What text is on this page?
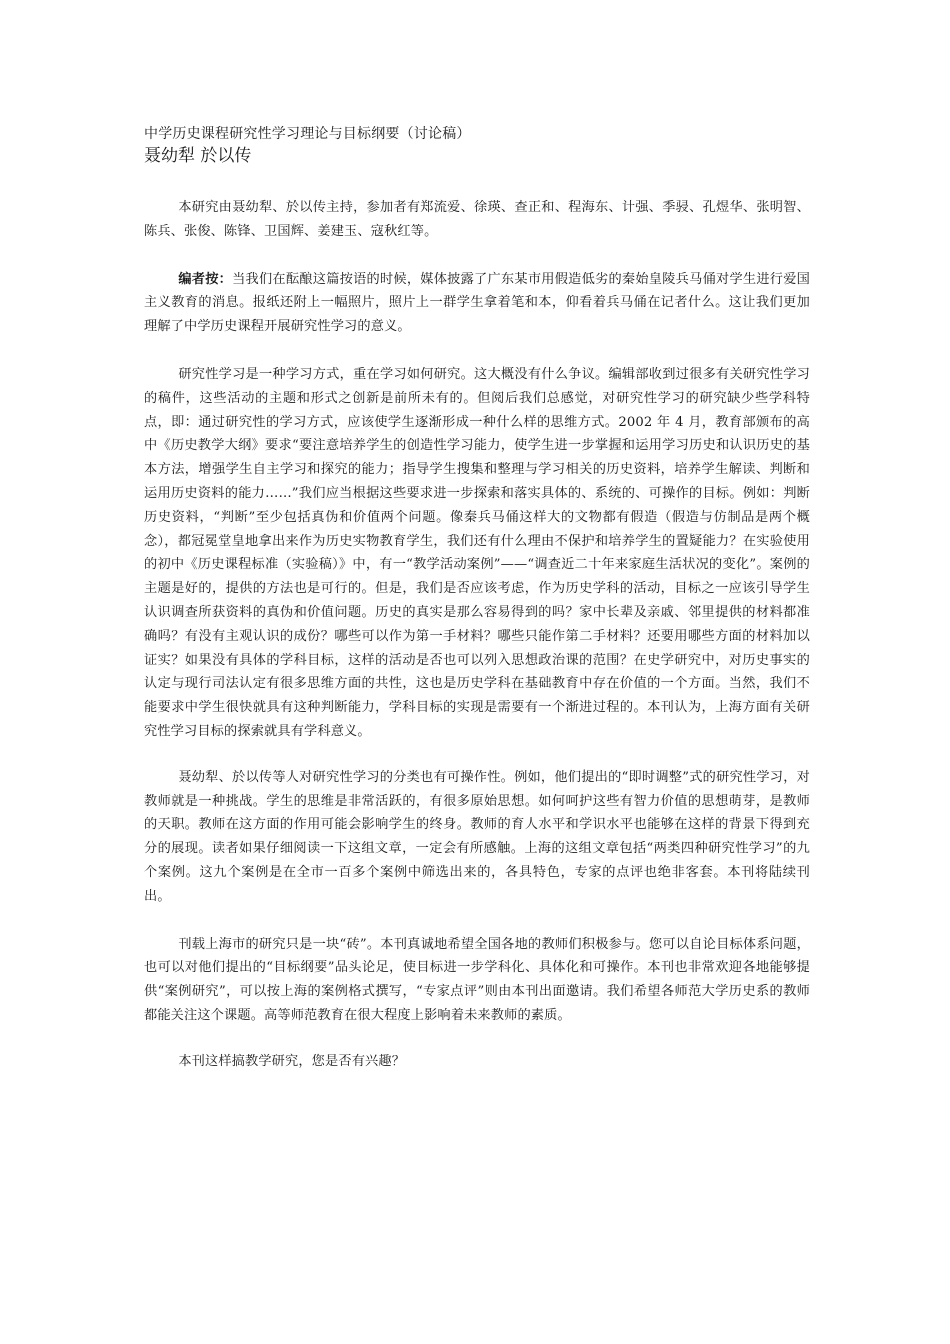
中学历史课程研究性学习理论与目标纲要（讨论稿）
聂幼犁 於以传

本研究由聂幼犁、於以传主持，参加者有郑流爱、徐瑛、查正和、程海东、计强、季骎、孔煜华、张明智、陈兵、张俊、陈锋、卫国辉、姜建玉、寇秋红等。

编者按：当我们在酝酿这篇按语的时候，媒体披露了广东某市用假造低劣的秦始皇陵兵马俑对学生进行爱国主义教育的消息。报纸还附上一幅照片，照片上一群学生拿着笔和本，仰看着兵马俑在记者什么。这让我们更加理解了中学历史课程开展研究性学习的意义。

研究性学习是一种学习方式，重在学习如何研究。这大概没有什么争议。编辑部收到过很多有关研究性学习的稿件，这些活动的主题和形式之创新是前所未有的。但阅后我们总感觉，对研究性学习的研究缺少些学科特点，即：通过研究性的学习方式，应该使学生逐渐形成一种什么样的思维方式。2002 年 4 月，教育部颁布的高中《历史教学大纲》要求“要注意培养学生的创造性学习能力，使学生进一步掌握和运用学习历史和认识历史的基本方法，增强学生自主学习和探究的能力；指导学生搜集和整理与学习相关的历史资料，培养学生解读、判断和运用历史资料的能力……”我们应当根据这些要求进一步探索和落实具体的、系统的、可操作的目标。例如：判断历史资料，“判断”至少包括真伪和价值两个问题。像秦兵马俑这样大的文物都有假造（假造与仿制品是两个概念），都冠冕堂皇地拿出来作为历史实物教育学生，我们还有什么理由不保护和培养学生的置疑能力？在实验使用的初中《历史课程标准（实验稿）》中，有一“教学活动案例”——“调查近二十年来家庭生活状况的变化”。案例的主题是好的，提供的方法也是可行的。但是，我们是否应该考虑，作为历史学科的活动，目标之一应该引导学生认识调查所获资料的真伪和价值问题。历史的真实是那么容易得到的吗？家中长辈及亲戚、邻里提供的材料都准确吗？有没有主观认识的成份？哪些可以作为第一手材料？哪些只能作第二手材料？还要用哪些方面的材料加以证实？如果没有具体的学科目标，这样的活动是否也可以列入思想政治课的范围？在史学研究中，对历史事实的认定与现行司法认定有很多思维方面的共性，这也是历史学科在基础教育中存在价值的一个方面。当然，我们不能要求中学生很快就具有这种判断能力，学科目标的实现是需要有一个渐进过程的。本刊认为，上海方面有关研究性学习目标的探索就具有学科意义。

聂幼犁、於以传等人对研究性学习的分类也有可操作性。例如，他们提出的“即时调整”式的研究性学习，对教师就是一种挑战。学生的思维是非常活跃的，有很多原始思想。如何呵护这些有智力价值的思想萌芽，是教师的天职。教师在这方面的作用可能会影响学生的终身。教师的育人水平和学识水平也能够在这样的背景下得到充分的展现。读者如果仔细阅读一下这组文章，一定会有所感触。上海的这组文章包括“两类四种研究性学习”的九个案例。这九个案例是在全市一百多个案例中筛选出来的，各具特色，专家的点评也绝非客套。本刊将陆续刊出。

刊载上海市的研究只是一块“砖”。本刊真诚地希望全国各地的教师们积极参与。您可以自论目标体系问题，也可以对他们提出的“目标纲要”品头论足，使目标进一步学科化、具体化和可操作。本刊也非常欢迎各地能够提供“案例研究”，可以按上海的案例格式撰写，“专家点评”则由本刊出面邀请。我们希望各师范大学历史系的教师都能关注这个课题。高等师范教育在很大程度上影响着未来教师的素质。

本刊这样搞教学研究，您是否有兴趣？
